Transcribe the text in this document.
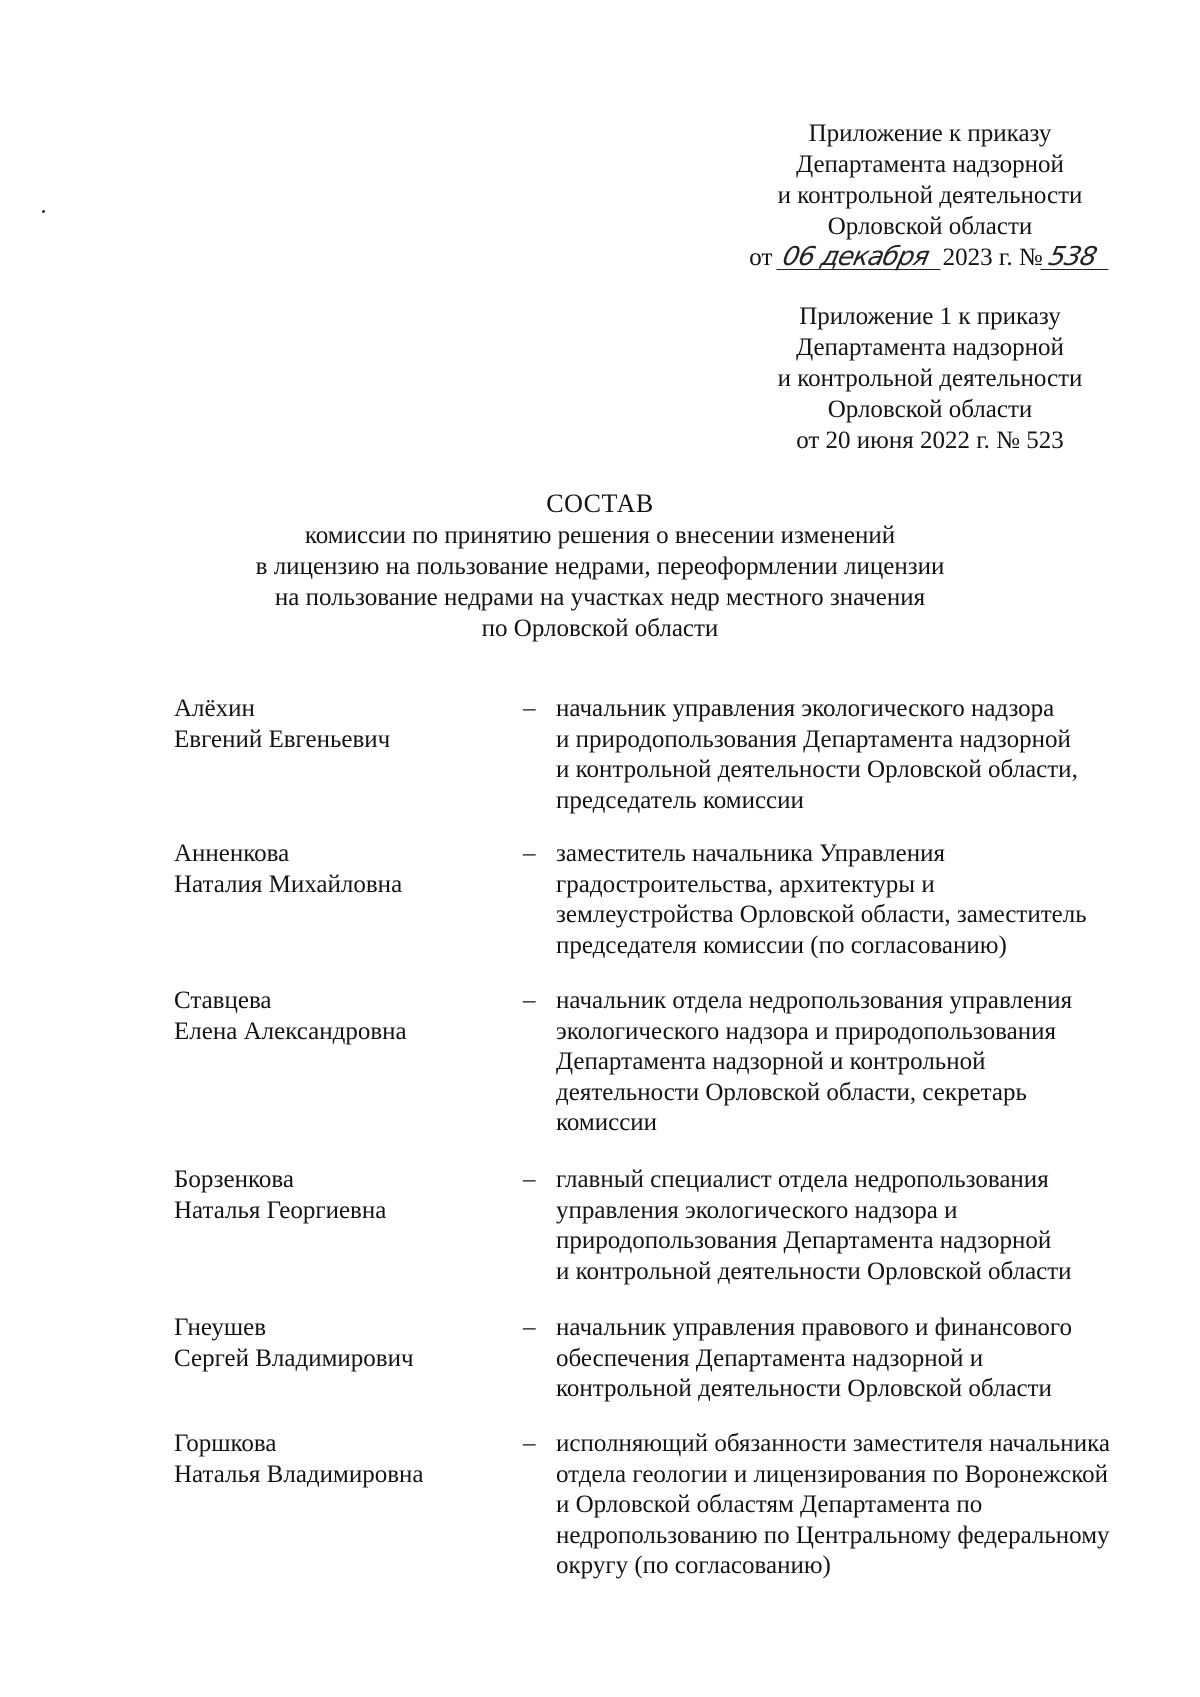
Приложение к приказу
Департамента надзорной
и контрольной деятельности
Орловской области
от 06 декабря 2023 г. № 538
Приложение 1 к приказу
Департамента надзорной
и контрольной деятельности
Орловской области
от 20 июня 2022 г. № 523
СОСТАВ
комиссии по принятию решения о внесении изменений
в лицензию на пользование недрами, переоформлении лицензии
на пользование недрами на участках недр местного значения
по Орловской области
Алёхин
Евгений Евгеньевич
– начальник управления экологического надзора
и природопользования Департамента надзорной
и контрольной деятельности Орловской области,
председатель комиссии
Анненкова
Наталия Михайловна
– заместитель начальника Управления
градостроительства, архитектуры и
землеустройства Орловской области, заместитель
председателя комиссии (по согласованию)
Ставцева
Елена Александровна
– начальник отдела недропользования управления
экологического надзора и природопользования
Департамента надзорной и контрольной
деятельности Орловской области, секретарь
комиссии
Борзенкова
Наталья Георгиевна
– главный специалист отдела недропользования
управления экологического надзора и
природопользования Департамента надзорной
и контрольной деятельности Орловской области
Гнеушев
Сергей Владимирович
– начальник управления правового и финансового
обеспечения Департамента надзорной и
контрольной деятельности Орловской области
Горшкова
Наталья Владимировна
– исполняющий обязанности заместителя начальника
отдела геологии и лицензирования по Воронежской
и Орловской областям Департамента по
недропользованию по Центральному федеральному
округу (по согласованию)
